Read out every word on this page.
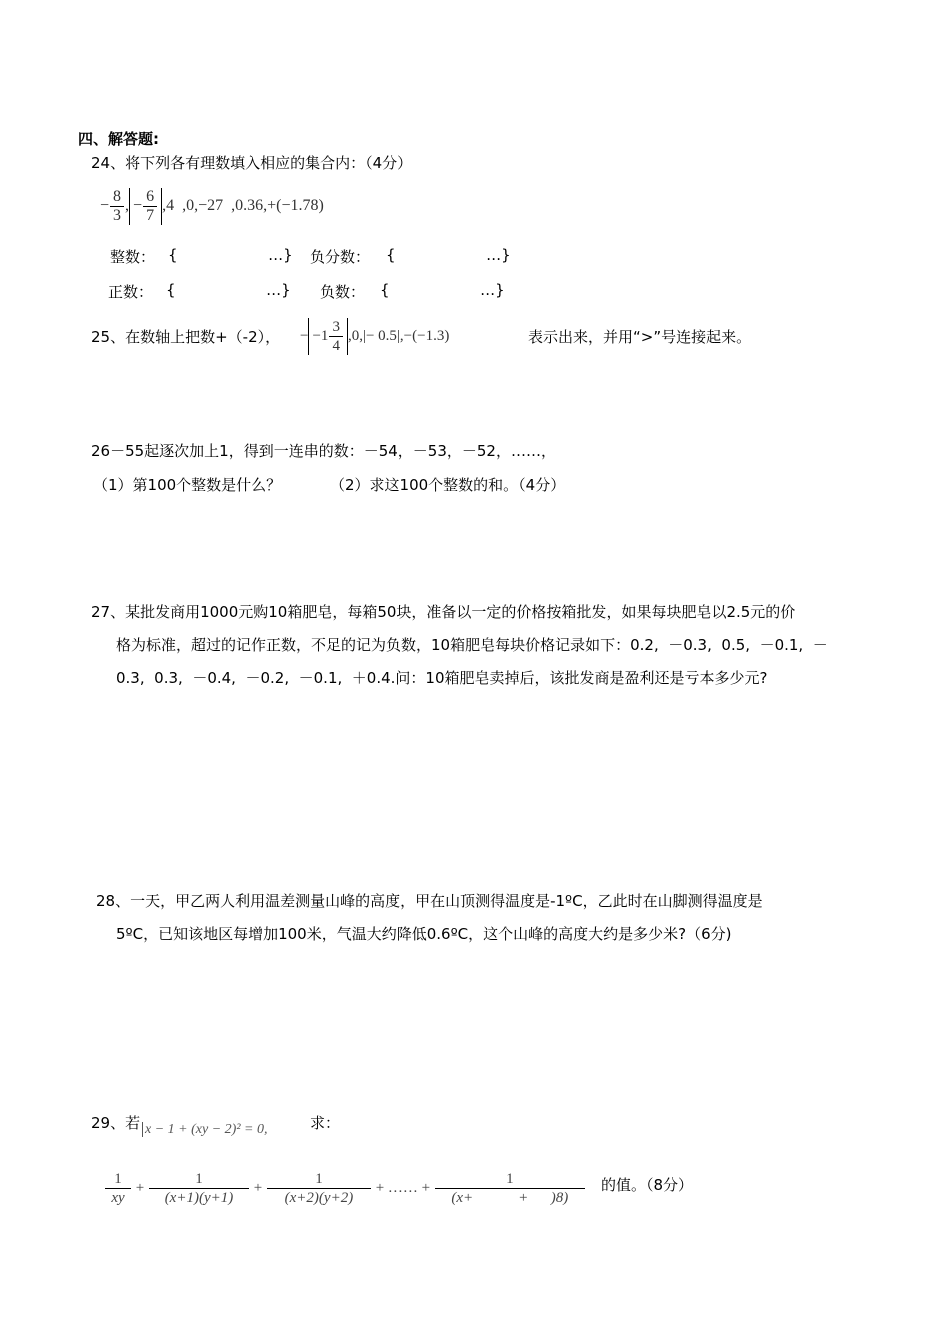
四、解答题:
24、将下列各有理数填入相应的集合内：（4分）
− $\frac{8}{3}$ , − $\frac{6}{7} ,4$  ,0,−27  ,0.36,+(−1.78)
整数： {                   …} 负分数： {                   …}
正数： {                   …} 负数： {                   …}
25、在数轴上把数+（-2）， − $-1 \frac{3}{4} ,0,|- 0.5|,-(-1.3)$	表示出来，并用“>”号连接起来。
26－55起逐次加上1，得到一连串的数：－54，－53，－52，……，
（1）第100个整数是什么？	（2）求这100个整数的和。（4分）
27、某批发商用1000元购10箱肥皂，每箱50块，准备以一定的价格按箱批发，如果每块肥皂以2.5元的价
格为标准，超过的记作正数，不足的记为负数，10箱肥皂每块价格记录如下：0.2,  －0.3,  0.5,  －0.1,  －
0.3,  0.3,  －0.4,  －0.2,  －0.1,  ＋0.4.问：10箱肥皂卖掉后，该批发商是盈利还是亏本多少元?
28、一天，甲乙两人利用温差测量山峰的高度，甲在山顶测得温度是-1ºC，乙此时在山脚测得温度是
5ºC，已知该地区每增加100米，气温大约降低0.6ºC，这个山峰的高度大约是多少米?（6分)
29、若 x − 1 + (xy − 2)² = 0,	求：
$\frac{1}{xy} + \frac{1}{(x+1)(y+1)} + \frac{1}{(x+2)(y+2)}$ + …… + $\frac{1}{(x+ + )8)}$ 的值。（8分）
